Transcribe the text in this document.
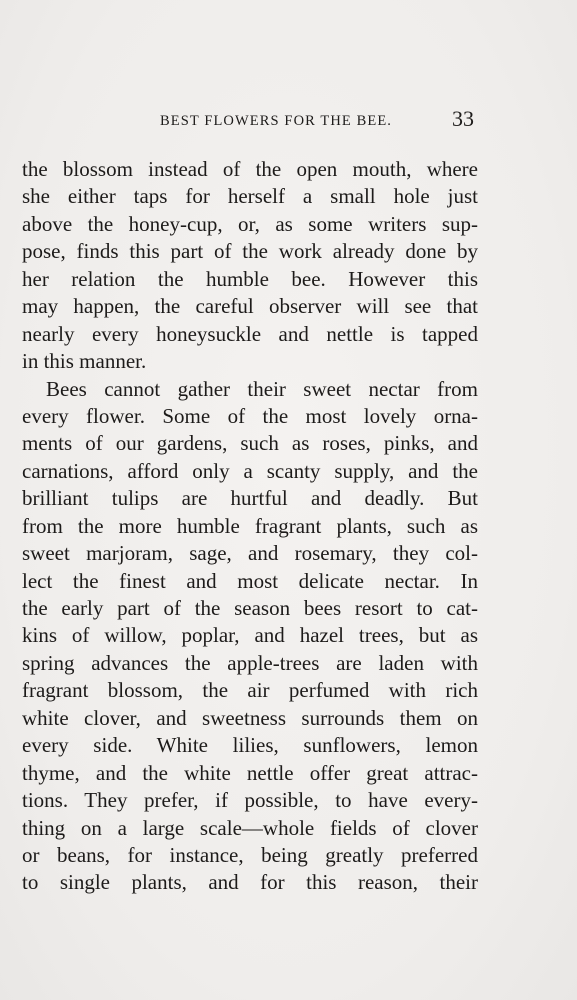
BEST FLOWERS FOR THE BEE.	33
the blossom instead of the open mouth, where
she either taps for herself a small hole just
above the honey-cup, or, as some writers sup-
pose, finds this part of the work already done by
her relation the humble bee. However this
may happen, the careful observer will see that
nearly every honeysuckle and nettle is tapped
in this manner.
Bees cannot gather their sweet nectar from
every flower. Some of the most lovely orna-
ments of our gardens, such as roses, pinks, and
carnations, afford only a scanty supply, and the
brilliant tulips are hurtful and deadly. But
from the more humble fragrant plants, such as
sweet marjoram, sage, and rosemary, they col-
lect the finest and most delicate nectar. In
the early part of the season bees resort to cat-
kins of willow, poplar, and hazel trees, but as
spring advances the apple-trees are laden with
fragrant blossom, the air perfumed with rich
white clover, and sweetness surrounds them on
every side. White lilies, sunflowers, lemon
thyme, and the white nettle offer great attrac-
tions. They prefer, if possible, to have every-
thing on a large scale—whole fields of clover
or beans, for instance, being greatly preferred
to single plants, and for this reason, their
